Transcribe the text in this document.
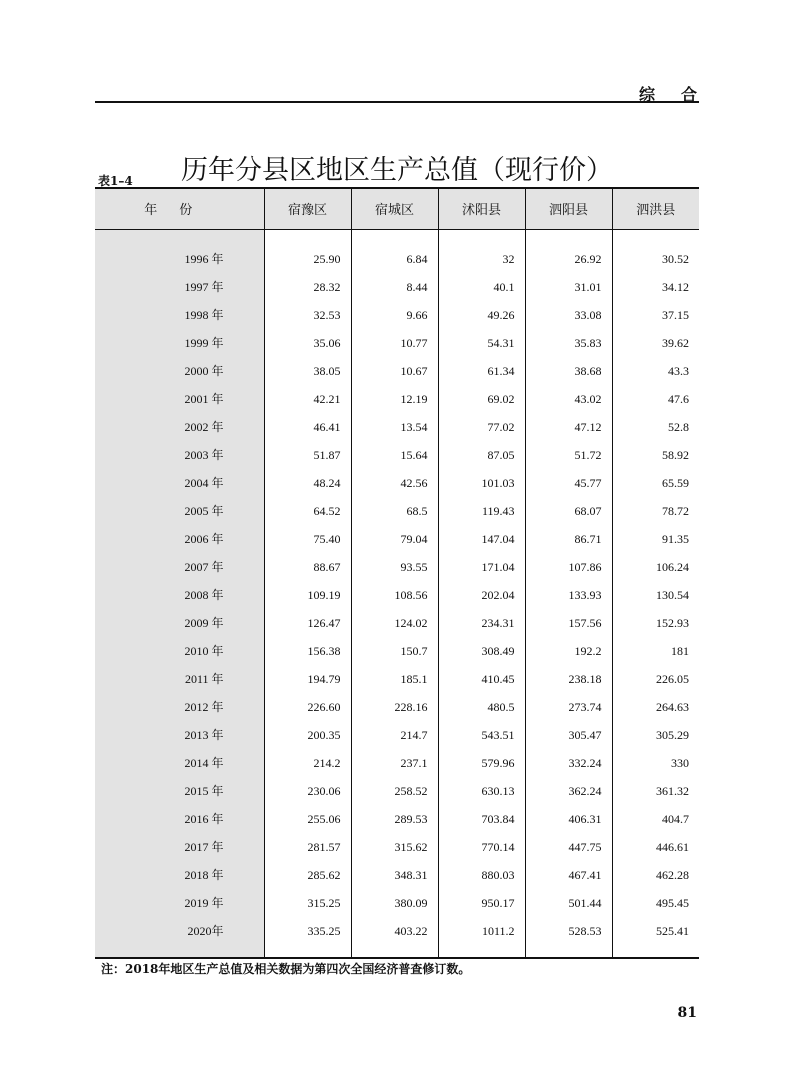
综合
历年分县区地区生产总值（现行价）
表1–4
年份	宿豫区	宿城区	沭阳县	泗阳县	泗洪县

1996 年	25.90	6.84	32	26.92	30.52
1997 年	28.32	8.44	40.1	31.01	34.12
1998 年	32.53	9.66	49.26	33.08	37.15
1999 年	35.06	10.77	54.31	35.83	39.62
2000 年	38.05	10.67	61.34	38.68	43.3
2001 年	42.21	12.19	69.02	43.02	47.6
2002 年	46.41	13.54	77.02	47.12	52.8
2003 年	51.87	15.64	87.05	51.72	58.92
2004 年	48.24	42.56	101.03	45.77	65.59
2005 年	64.52	68.5	119.43	68.07	78.72
2006 年	75.40	79.04	147.04	86.71	91.35
2007 年	88.67	93.55	171.04	107.86	106.24
2008 年	109.19	108.56	202.04	133.93	130.54
2009 年	126.47	124.02	234.31	157.56	152.93
2010 年	156.38	150.7	308.49	192.2	181
2011 年	194.79	185.1	410.45	238.18	226.05
2012 年	226.60	228.16	480.5	273.74	264.63
2013 年	200.35	214.7	543.51	305.47	305.29
2014 年	214.2	237.1	579.96	332.24	330
2015 年	230.06	258.52	630.13	362.24	361.32
2016 年	255.06	289.53	703.84	406.31	404.7
2017 年	281.57	315.62	770.14	447.75	446.61
2018 年	285.62	348.31	880.03	467.41	462.28
2019 年	315.25	380.09	950.17	501.44	495.45
2020年	335.25	403.22	1011.2	528.53	525.41

注：2018年地区生产总值及相关数据为第四次全国经济普查修订数。
81
